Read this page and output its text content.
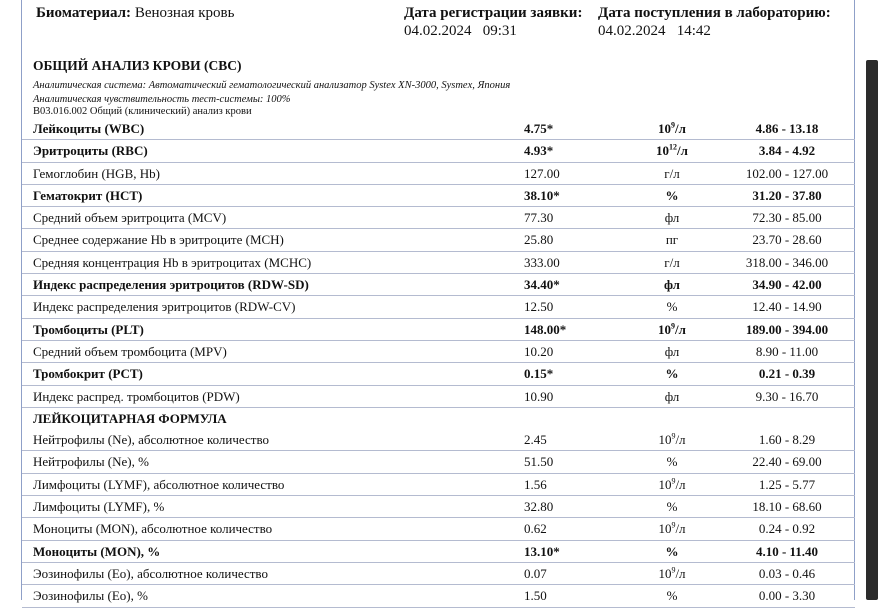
Биоматериал: Венозная кровь	Дата регистрации заявки:
04.02.2024 09:31
Дата поступления в лабораторию:
04.02.2024 14:42
ОБЩИЙ АНАЛИЗ КРОВИ (СВС)
Аналитическая система: Автоматический гематологический анализатор Systex XN-3000, Sysmex, Япония
Аналитическая чувствительность тест-системы: 100%
B03.016.002 Общий (клинический) анализ крови
Лейкоциты (WBC)	4.75*	$10^9/л$	4.86 - 13.18
Эритроциты (RBC)	4.93*	$10^{12}/л$	3.84 - 4.92
Гемоглобин (HGB, Hb)	127.00	г/л	102.00 - 127.00
Гематокрит (HCT)	38.10*	%	31.20 - 37.80
Средний объем эритроцита (MCV)	77.30	фл	72.30 - 85.00
Среднее содержание Hb в эритроците (MCH)	25.80	пг	23.70 - 28.60
Средняя концентрация Hb в эритроцитах (MCHC)	333.00	г/л	318.00 - 346.00
Индекс распределения эритроцитов (RDW-SD)	34.40*	фл	34.90 - 42.00
Индекс распределения эритроцитов (RDW-CV)	12.50	%	12.40 - 14.90
Тромбоциты (PLT)	148.00*	$10^9/л$	189.00 - 394.00
Средний объем тромбоцита (MPV)	10.20	фл	8.90 - 11.00
Тромбокрит (PCT)	0.15*	%	0.21 - 0.39
Индекс распред. тромбоцитов (PDW)	10.90	фл	9.30 - 16.70
ЛЕЙКОЦИТАРНАЯ ФОРМУЛА
Нейтрофилы (Ne), абсолютное количество	2.45	$10^9/л$	1.60 - 8.29
Нейтрофилы (Ne), %	51.50	%	22.40 - 69.00
Лимфоциты (LYMF), абсолютное количество	1.56	$10^9/л$	1.25 - 5.77
Лимфоциты (LYMF), %	32.80	%	18.10 - 68.60
Моноциты (MON), абсолютное количество	0.62	$10^9/л$	0.24 - 0.92
Моноциты (MON), %	13.10*	%	4.10 - 11.40
Эозинофилы (Eo), абсолютное количество	0.07	$10^9/л$	0.03 - 0.46
Эозинофилы (Eo), %	1.50	%	0.00 - 3.30
